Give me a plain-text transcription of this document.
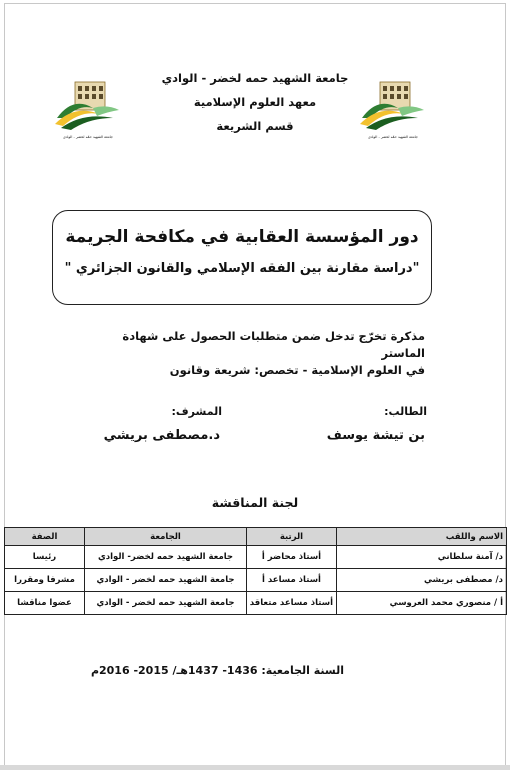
جامعة الشهيد حمّه لخضر - الوادي
جامعة الشهيد حمّه لخضر - الوادي
جامعة الشهيد حمه لخضر - الوادي
معهد العلوم الإسلامية
قسم الشريعة
دور المؤسسة العقابية في مكافحة الجريمة
"دراسة مقارنة بين الفقه الإسلامي والقانون الجزائري "
مذكرة تخرّج تدخل ضمن متطلبات الحصول على شهادة الماستر
في العلوم الإسلامية - تخصص: شريعة وقانون
الطالب:
المشرف:
بن تيشة يوسف
د.مصطفى بريشي
لجنة المناقشة
الاسم واللقب	الرتبة	الجامعة	الصفة
د/ آمنة سلطاني	أستاذ محاضر أ	جامعة الشهيد حمه لخضر- الوادي	رئيسا
د/ مصطفى بريشي	أستاذ مساعد أ	جامعة الشهيد حمه لخضر - الوادي	مشرفا ومقررا
أ / منصوري محمد العروسي	أستاذ مساعد متعاقد	جامعة الشهيد حمه لخضر - الوادي	عضوا مناقشا
السنة الجامعية: 1436- 1437هـ/ 2015- 2016م
